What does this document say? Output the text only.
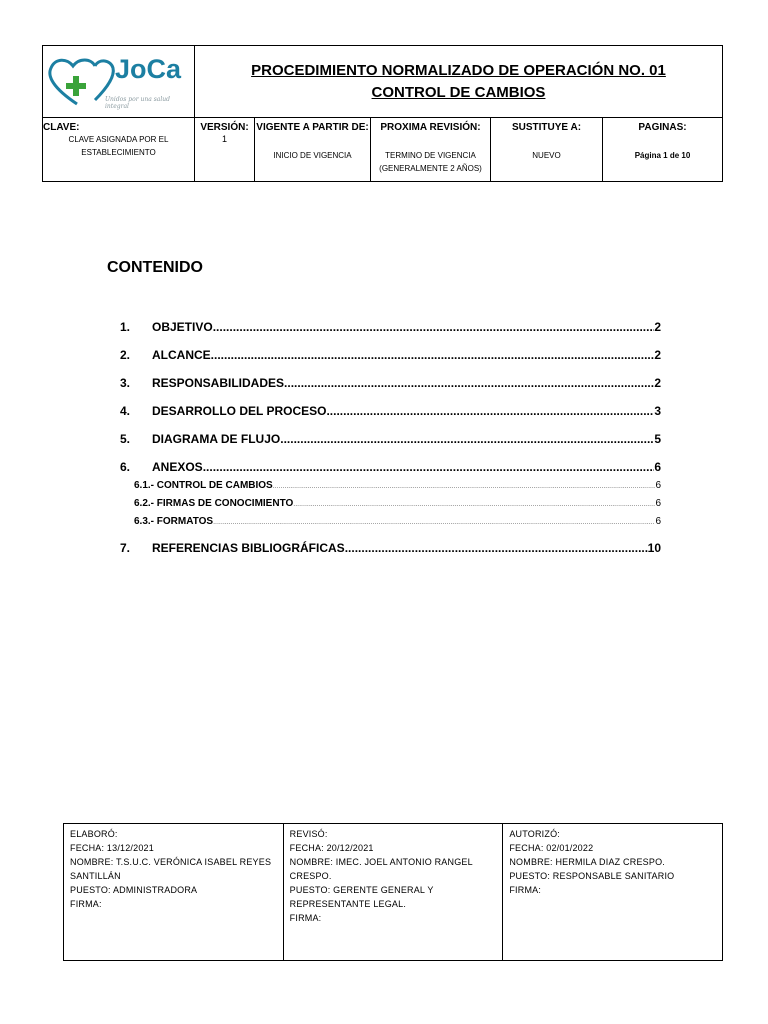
JoCa
Unidos por una salud integral
PROCEDIMIENTO NORMALIZADO DE OPERACIÓN NO. 01
CONTROL DE CAMBIOS
CLAVE:
CLAVE ASIGNADA POR EL ESTABLECIMIENTO
VERSIÓN:
1
VIGENTE A PARTIR DE:
INICIO DE VIGENCIA
PROXIMA REVISIÓN:
TERMINO DE VIGENCIA (GENERALMENTE 2 AÑOS)
SUSTITUYE A:
NUEVO
PAGINAS:
Página 1 de 10
CONTENIDO
1.	OBJETIVO .....	2
2.	ALCANCE .....	2
3.	RESPONSABILIDADES .....	2
4.	DESARROLLO DEL PROCESO .....	3
5.	DIAGRAMA DE FLUJO .....	5
6.	ANEXOS .....	6
6.1.- CONTROL DE CAMBIOS .....	6
6.2.- FIRMAS DE CONOCIMIENTO .....	6
6.3.- FORMATOS .....	6
7.	REFERENCIAS BIBLIOGRÁFICAS .....	10
ELABORÓ:
FECHA: 13/12/2021
NOMBRE: T.S.U.C. VERÓNICA ISABEL REYES SANTILLÁN
PUESTO: ADMINISTRADORA
FIRMA:
REVISÓ:
FECHA: 20/12/2021
NOMBRE: IMEC. JOEL ANTONIO RANGEL CRESPO.
PUESTO: GERENTE GENERAL Y REPRESENTANTE LEGAL.
FIRMA:
AUTORIZÓ:
FECHA: 02/01/2022
NOMBRE: HERMILA DIAZ CRESPO.
PUESTO: RESPONSABLE SANITARIO
FIRMA:
